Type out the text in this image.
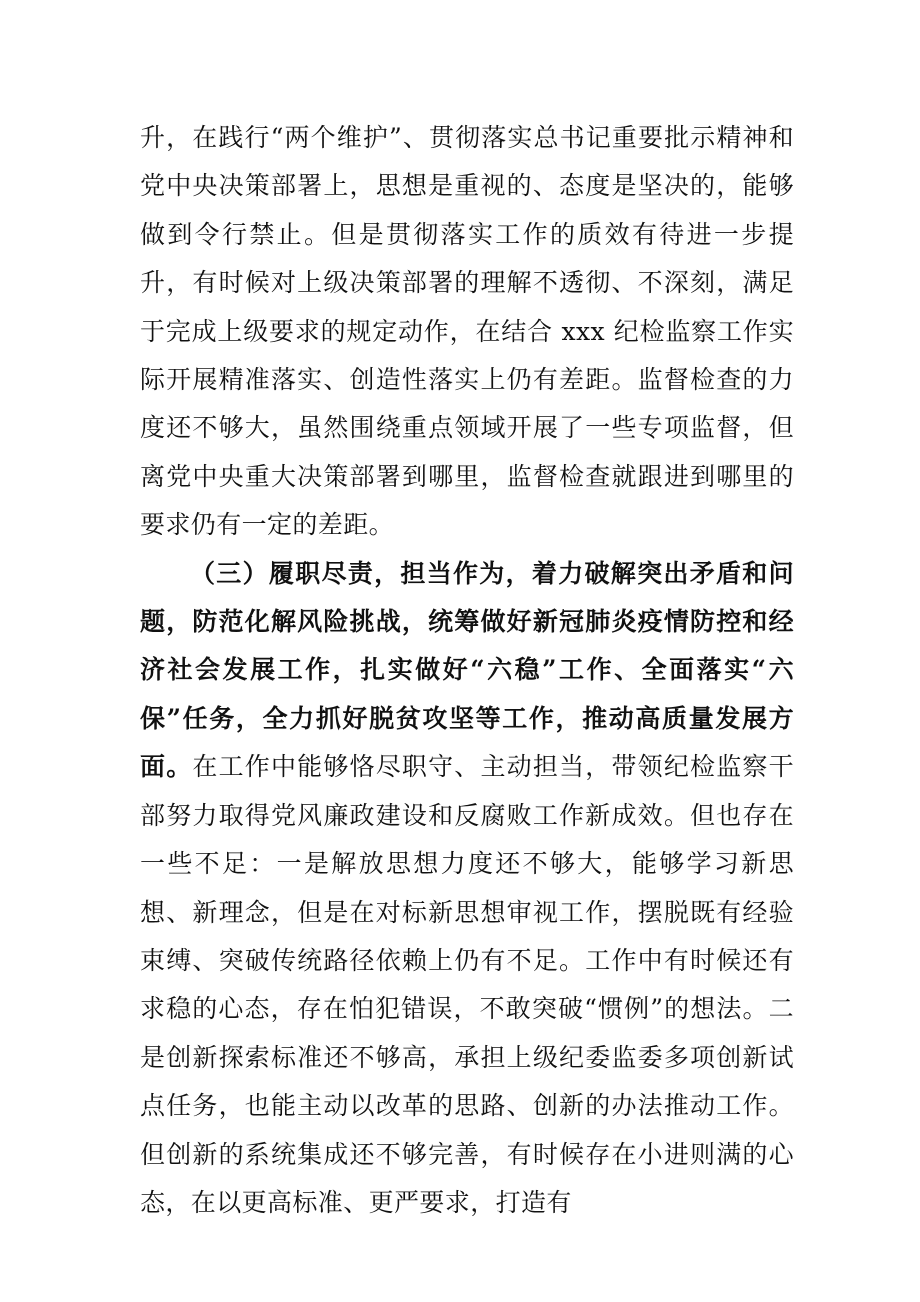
升，在践行“两个维护”、贯彻落实总书记重要批示精神和党中央决策部署上，思想是重视的、态度是坚决的，能够做到令行禁止。但是贯彻落实工作的质效有待进一步提升，有时候对上级决策部署的理解不透彻、不深刻，满足于完成上级要求的规定动作，在结合 xxx 纪检监察工作实际开展精准落实、创造性落实上仍有差距。监督检查的力度还不够大，虽然围绕重点领域开展了一些专项监督，但离党中央重大决策部署到哪里，监督检查就跟进到哪里的要求仍有一定的差距。

（三）履职尽责，担当作为，着力破解突出矛盾和问题，防范化解风险挑战，统筹做好新冠肺炎疫情防控和经济社会发展工作，扎实做好“六稳”工作、全面落实“六保”任务，全力抓好脱贫攻坚等工作，推动高质量发展方面。在工作中能够恪尽职守、主动担当，带领纪检监察干部努力取得党风廉政建设和反腐败工作新成效。但也存在一些不足：一是解放思想力度还不够大，能够学习新思想、新理念，但是在对标新思想审视工作，摆脱既有经验束缚、突破传统路径依赖上仍有不足。工作中有时候还有求稳的心态，存在怕犯错误，不敢突破“惯例”的想法。二是创新探索标准还不够高，承担上级纪委监委多项创新试点任务，也能主动以改革的思路、创新的办法推动工作。但创新的系统集成还不够完善，有时候存在小进则满的心态，在以更高标准、更严要求，打造有
